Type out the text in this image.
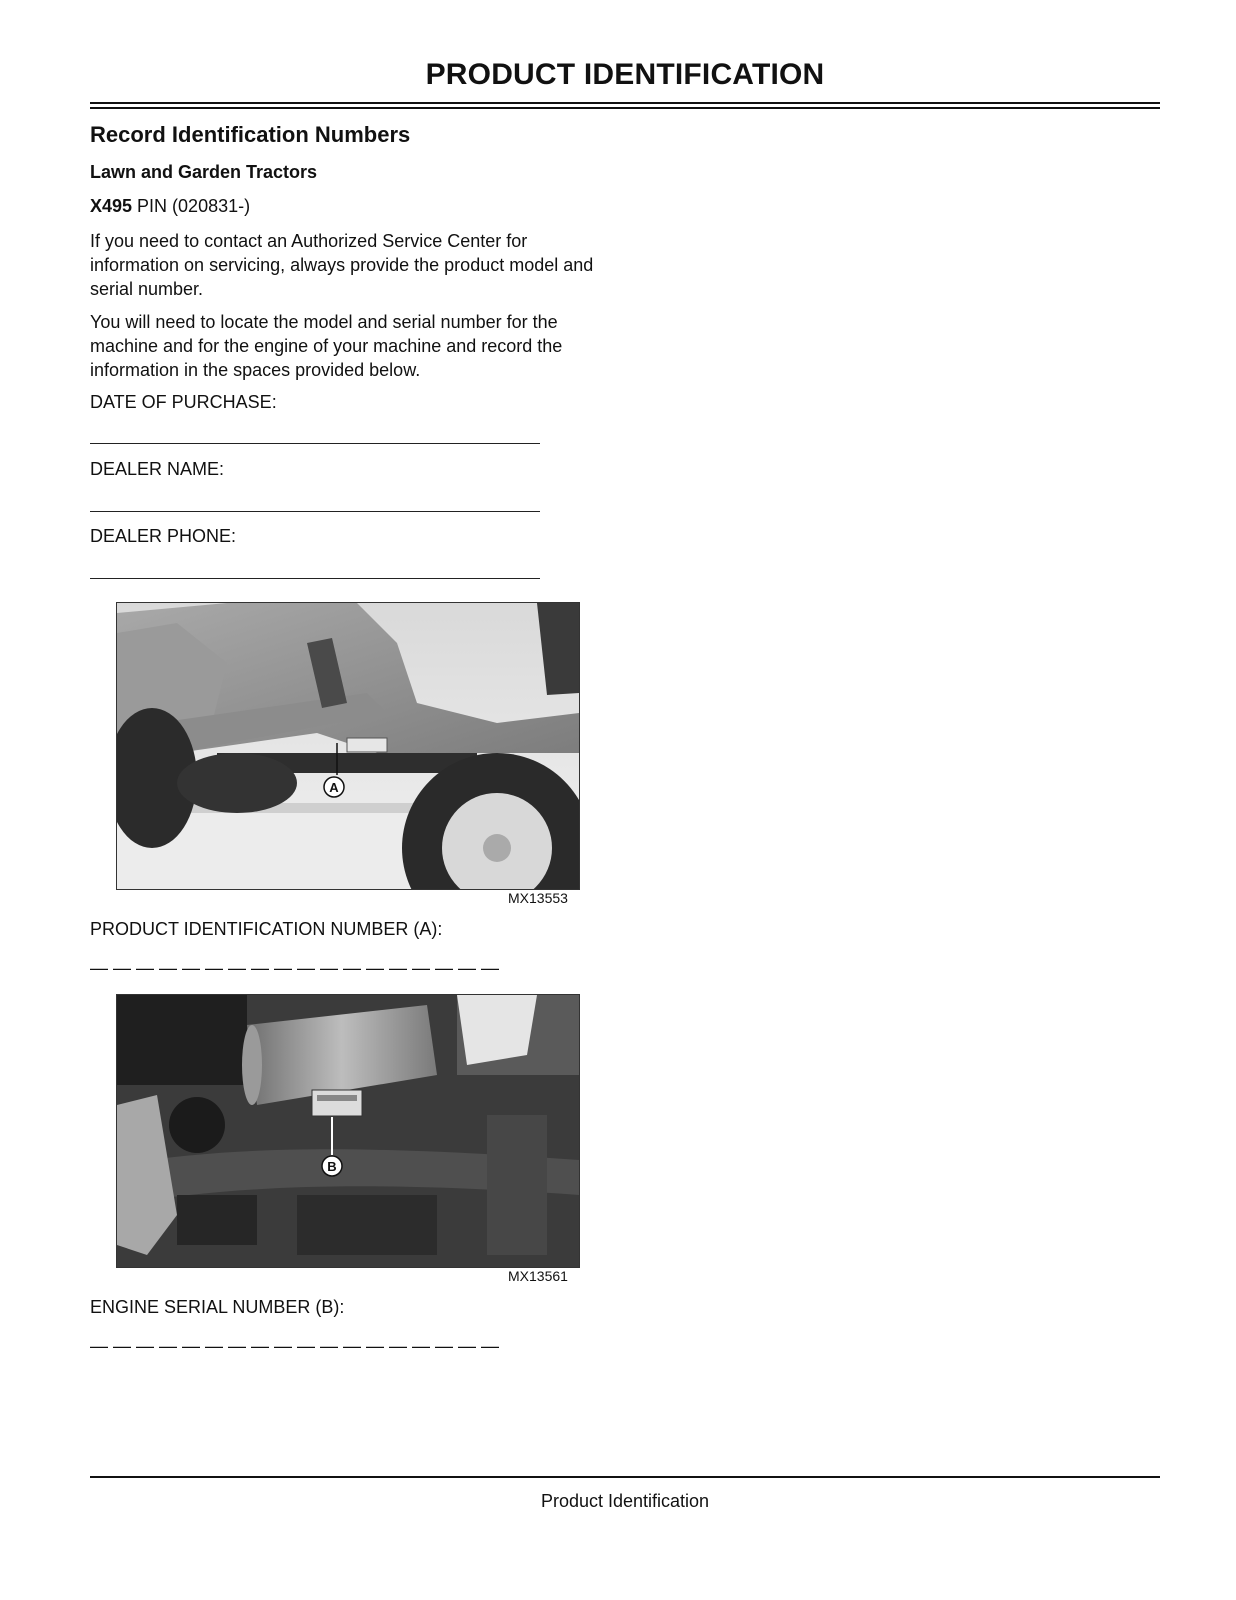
PRODUCT IDENTIFICATION
Record Identification Numbers
Lawn and Garden Tractors
X495 PIN (020831-)
If you need to contact an Authorized Service Center for information on servicing, always provide the product model and serial number.
You will need to locate the model and serial number for the machine and for the engine of your machine and record the information in the spaces provided below.
DATE OF PURCHASE:
DEALER NAME:
DEALER PHONE:
A
MX13553
PRODUCT IDENTIFICATION NUMBER (A):
— — — — — — — — — — — — — — — — — —
B
MX13561
ENGINE SERIAL NUMBER (B):
— — — — — — — — — — — — — — — — — —
Product Identification
